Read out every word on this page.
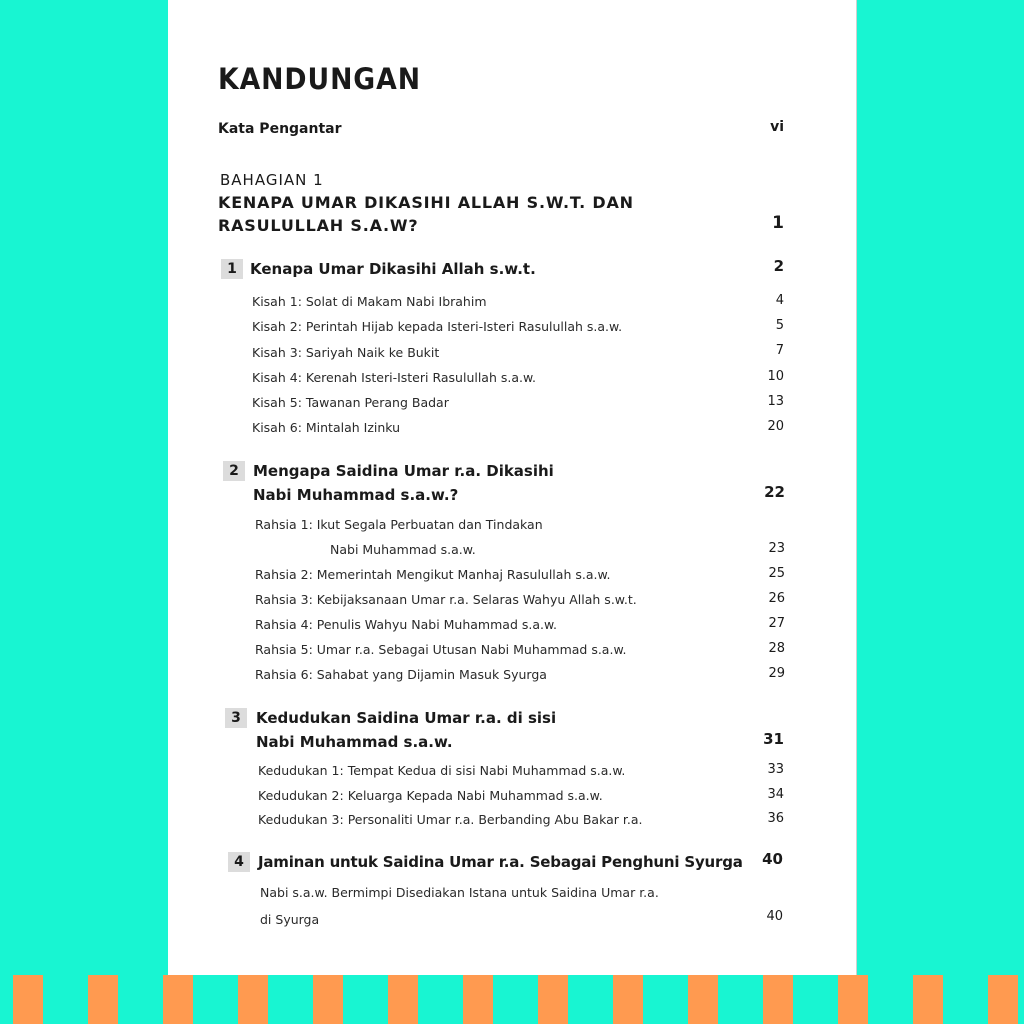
KANDUNGAN
Kata Pengantar	vi
BAHAGIAN 1
KENAPA UMAR DIKASIHI ALLAH S.W.T. DAN
RASULULLAH S.A.W?	1
1 Kenapa Umar Dikasihi Allah s.w.t.	2
Kisah 1: Solat di Makam Nabi Ibrahim	4
Kisah 2: Perintah Hijab kepada Isteri-Isteri Rasulullah s.a.w.	5
Kisah 3: Sariyah Naik ke Bukit	7
Kisah 4: Kerenah Isteri-Isteri Rasulullah s.a.w.	10
Kisah 5: Tawanan Perang Badar	13
Kisah 6: Mintalah Izinku	20
2 Mengapa Saidina Umar r.a. Dikasihi
Nabi Muhammad s.a.w.?	22
Rahsia 1: Ikut Segala Perbuatan dan Tindakan
Nabi Muhammad s.a.w.	23
Rahsia 2: Memerintah Mengikut Manhaj Rasulullah s.a.w.	25
Rahsia 3: Kebijaksanaan Umar r.a. Selaras Wahyu Allah s.w.t.	26
Rahsia 4: Penulis Wahyu Nabi Muhammad s.a.w.	27
Rahsia 5: Umar r.a. Sebagai Utusan Nabi Muhammad s.a.w.	28
Rahsia 6: Sahabat yang Dijamin Masuk Syurga	29
3	Kedudukan Saidina Umar r.a. di sisi
Nabi Muhammad s.a.w.	31
Kedudukan 1: Tempat Kedua di sisi Nabi Muhammad s.a.w.	33
Kedudukan 2: Keluarga Kepada Nabi Muhammad s.a.w.	34
Kedudukan 3: Personaliti Umar r.a. Berbanding Abu Bakar r.a.	36
4 Jaminan untuk Saidina Umar r.a. Sebagai Penghuni Syurga	40
Nabi s.a.w. Bermimpi Disediakan Istana untuk Saidina Umar r.a.
di Syurga	40
